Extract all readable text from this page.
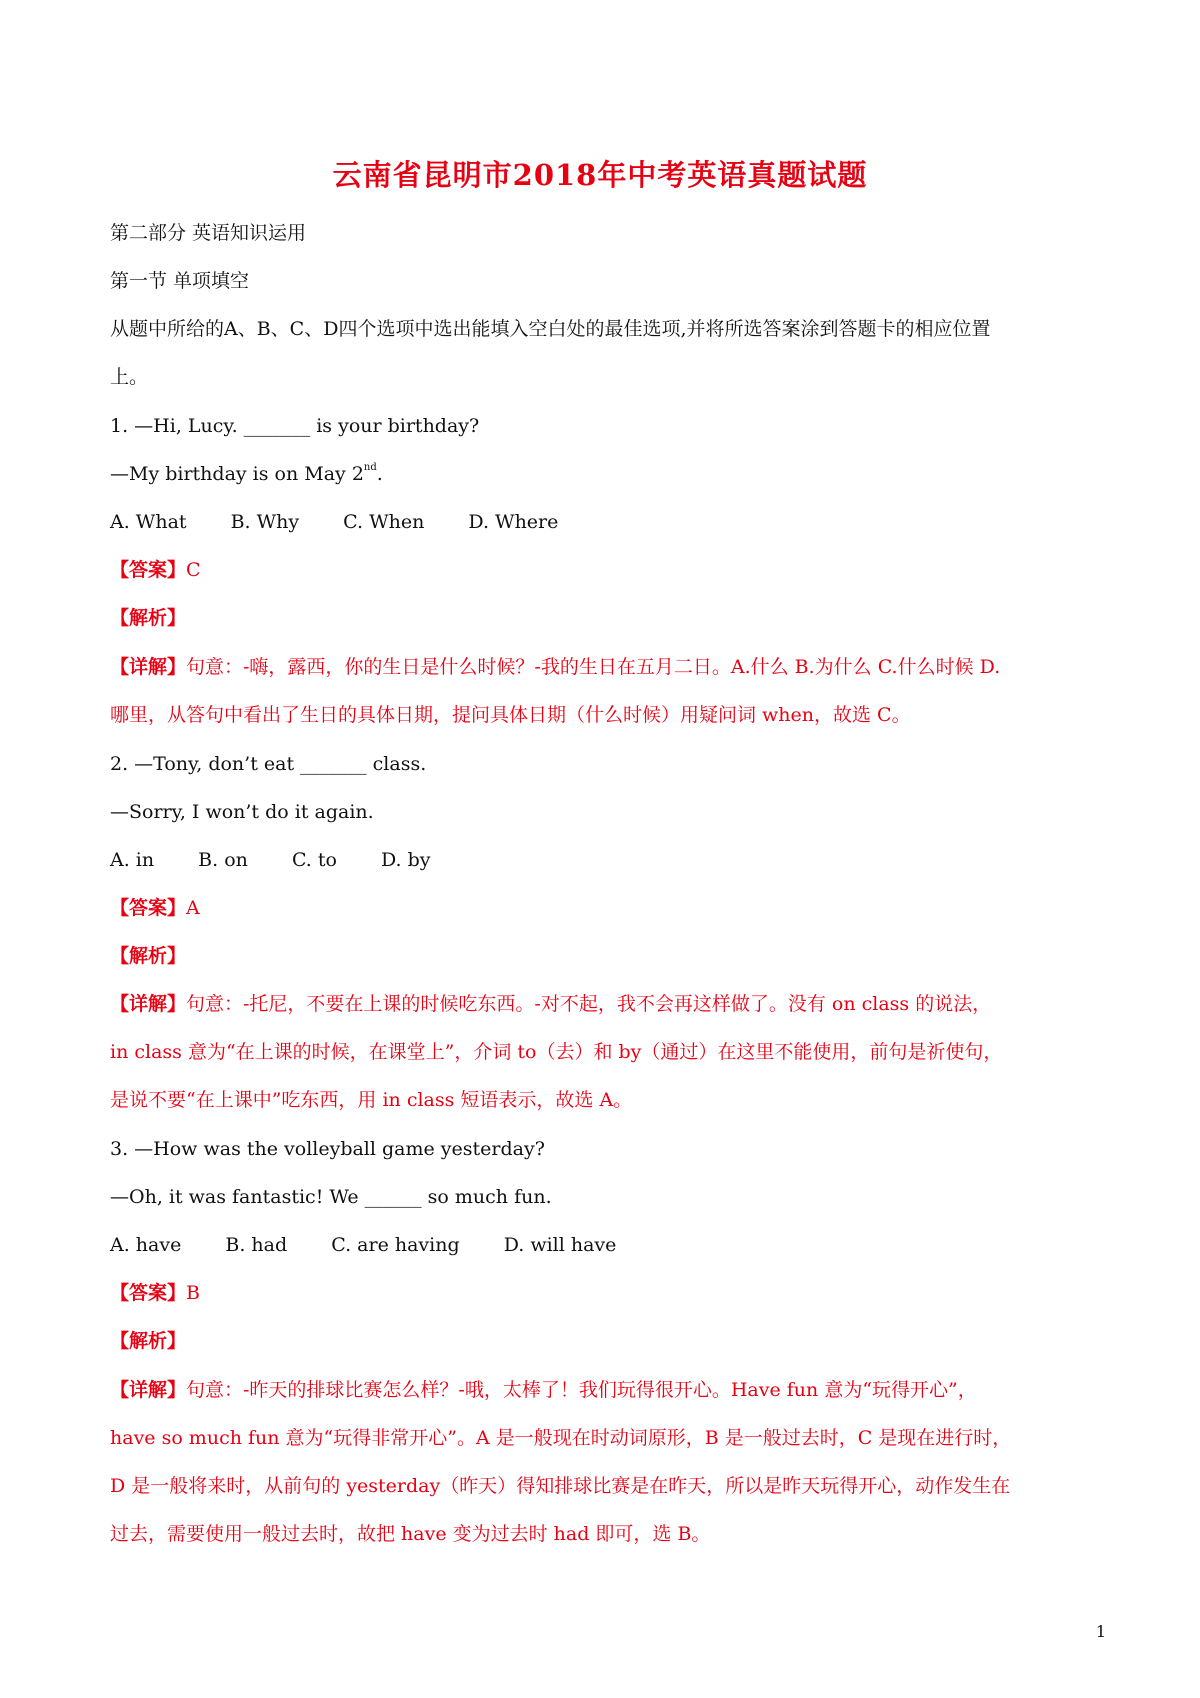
云南省昆明市2018年中考英语真题试题
第二部分 英语知识运用
第一节 单项填空
从题中所给的A、B、C、D四个选项中选出能填入空白处的最佳选项,并将所选答案涂到答题卡的相应位置
上。
1. —Hi, Lucy. _______ is your birthday?
—My birthday is on May 2nd.
A. What B. Why C. When D. Where
【答案】C
【解析】
【详解】句意：-嗨，露西，你的生日是什么时候？-我的生日在五月二日。A.什么 B.为什么 C.什么时候 D.
哪里，从答句中看出了生日的具体日期，提问具体日期（什么时候）用疑问词 when，故选 C。
2. —Tony, don’t eat _______ class.
—Sorry, I won’t do it again.
A. in B. on C. to D. by
【答案】A
【解析】
【详解】句意：-托尼，不要在上课的时候吃东西。-对不起，我不会再这样做了。没有 on class 的说法，
in class 意为“在上课的时候，在课堂上”，介词 to（去）和 by（通过）在这里不能使用，前句是祈使句，
是说不要“在上课中”吃东西，用 in class 短语表示，故选 A。
3. —How was the volleyball game yesterday?
—Oh, it was fantastic! We ______ so much fun.
A. have B. had C. are having D. will have
【答案】B
【解析】
【详解】句意：-昨天的排球比赛怎么样？-哦，太棒了！我们玩得很开心。Have fun 意为“玩得开心”，
have so much fun 意为“玩得非常开心”。A 是一般现在时动词原形，B 是一般过去时，C 是现在进行时，
D 是一般将来时，从前句的 yesterday（昨天）得知排球比赛是在昨天，所以是昨天玩得开心，动作发生在
过去，需要使用一般过去时，故把 have 变为过去时 had 即可，选 B。
1
